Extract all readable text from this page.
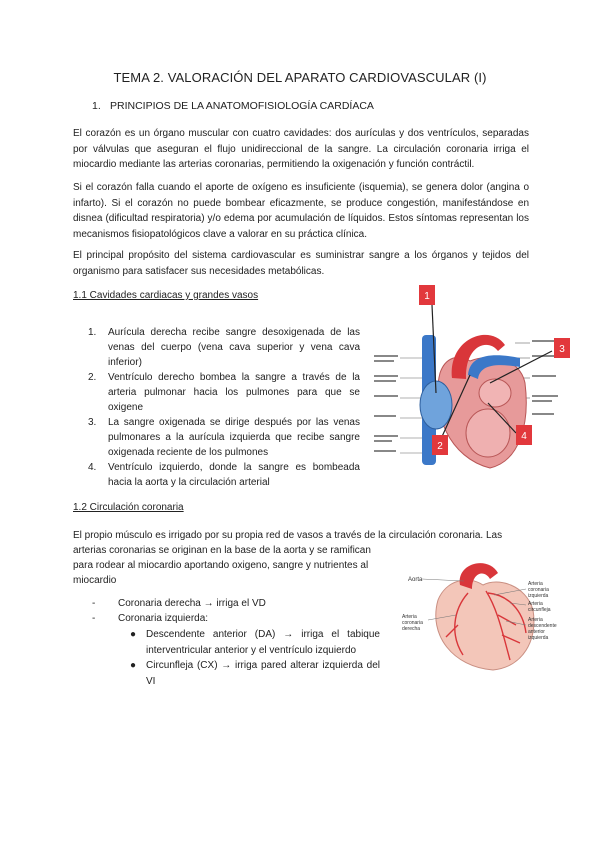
TEMA 2. VALORACIÓN DEL APARATO CARDIOVASCULAR (I)
1. PRINCIPIOS DE LA ANATOMOFISIOLOGÍA CARDÍACA
El corazón es un órgano muscular con cuatro cavidades: dos aurículas y dos ventrículos, separadas por válvulas que aseguran el flujo unidireccional de la sangre. La circulación coronaria irriga el miocardio mediante las arterias coronarias, permitiendo la oxigenación y función contráctil.
Si el corazón falla cuando el aporte de oxígeno es insuficiente (isquemia), se genera dolor (angina o infarto). Si el corazón no puede bombear eficazmente, se produce congestión, manifestándose en disnea (dificultad respiratoria) y/o edema por acumulación de líquidos. Estos síntomas representan los mecanismos fisiopatológicos clave a valorar en su práctica clínica.
El principal propósito del sistema cardiovascular es suministrar sangre a los órganos y tejidos del organismo para satisfacer sus necesidades metabólicas.
1.1 Cavidades cardiacas y grandes vasos
1. Aurícula derecha recibe sangre desoxigenada de las venas del cuerpo (vena cava superior y vena cava inferior)
2. Ventrículo derecho bombea la sangre a través de la arteria pulmonar hacia los pulmones para que se oxigene
3. La sangre oxigenada se dirige después por las venas pulmonares a la aurícula izquierda que recibe sangre oxigenada reciente de los pulmones
4. Ventrículo izquierdo, donde la sangre es bombeada hacia la aorta y la circulación arterial
1
2
3
4
1.2 Circulación coronaria
El propio músculo es irrigado por su propia red de vasos a través de la circulación coronaria. Las
arterias coronarias se originan en la base de la aorta y se ramifican
para rodear al miocardio aportando oxigeno, sangre y nutrientes al
miocardio
- Coronaria derecha → irriga el VD
- Coronaria izquierda:
● Descendente anterior (DA) → irriga el tabique interventricular anterior y el ventrículo izquierdo
● Circunfleja (CX) → irriga pared alterar izquierda del VI
Aorta
Arteria
coronaria
derecha
Arteria
coronaria
izquierda
Arteria
circunfleja
Arteria
descendente
anterior
izquierda
